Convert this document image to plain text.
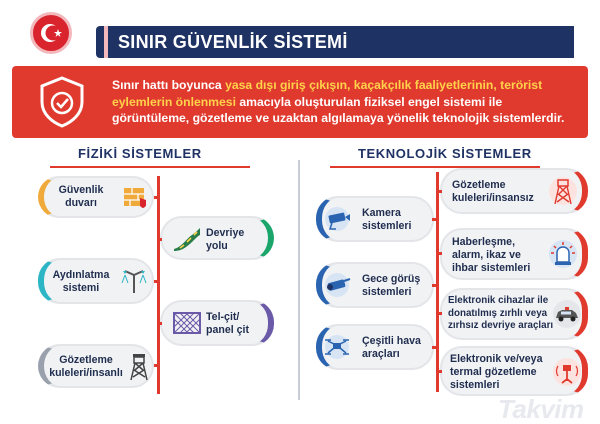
SINIR GÜVENLİK SİSTEMİ

Sınır hattı boyunca yasa dışı giriş çıkışın, kaçakçılık faaliyetlerinin, terörist eylemlerin önlenmesi amacıyla oluşturulan fiziksel engel sistemi ile görüntüleme, gözetleme ve uzaktan algılamaya yönelik teknolojik sistemlerdir.

FİZİKİ SİSTEMLER	TEKNOLOJİK SİSTEMLER
Güvenlik duvarı
Devriye yolu
Aydınlatma sistemi
Tel-çit/ panel çit
Gözetleme kuleleri/insanlı
Gözetleme kuleleri/insansız
Kamera sistemleri
Haberleşme, alarm, ikaz ve ihbar sistemleri
Gece görüş sistemleri
Elektronik cihazlar ile donatılmış zırhlı veya zırhsız devriye araçları
Çeşitli hava araçları	Elektronik ve/veya termal gözetleme sistemleri
Takvim
